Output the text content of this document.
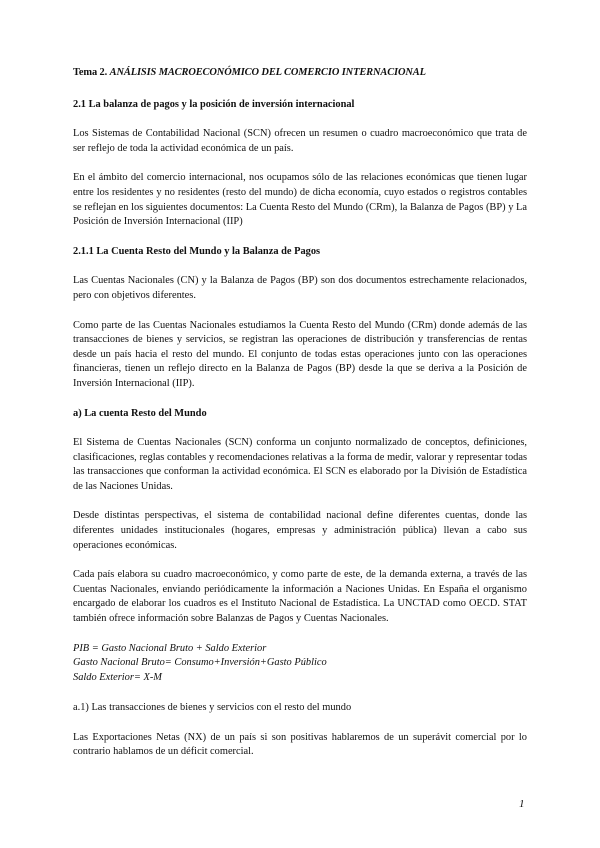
Tema 2. ANÁLISIS MACROECONÓMICO DEL COMERCIO INTERNACIONAL
2.1 La balanza de pagos y la posición de inversión internacional

Los Sistemas de Contabilidad Nacional (SCN) ofrecen un resumen o cuadro macroeconómico que trata de ser reflejo de toda la actividad económica de un país.

En el ámbito del comercio internacional, nos ocupamos sólo de las relaciones económicas que tienen lugar entre los residentes y no residentes (resto del mundo) de dicha economía, cuyo estados o registros contables se reflejan en los siguientes documentos: La Cuenta Resto del Mundo (CRm), la Balanza de Pagos (BP) y La Posición de Inversión Internacional (IIP)

2.1.1 La Cuenta Resto del Mundo y la Balanza de Pagos

Las Cuentas Nacionales (CN) y la Balanza de Pagos (BP) son dos documentos estrechamente relacionados, pero con objetivos diferentes.

Como parte de las Cuentas Nacionales estudiamos la Cuenta Resto del Mundo (CRm) donde además de las transacciones de bienes y servicios, se registran las operaciones de distribución y transferencias de rentas desde un país hacia el resto del mundo. El conjunto de todas estas operaciones junto con las operaciones financieras, tienen un reflejo directo en la Balanza de Pagos (BP) desde la que se deriva a la Posición de Inversión Internacional (IIP).

a) La cuenta Resto del Mundo

El Sistema de Cuentas Nacionales (SCN) conforma un conjunto normalizado de conceptos, definiciones, clasificaciones, reglas contables y recomendaciones relativas a la forma de medir, valorar y representar todas las transacciones que conforman la actividad económica. El SCN es elaborado por la División de Estadística de las Naciones Unidas.

Desde distintas perspectivas, el sistema de contabilidad nacional define diferentes cuentas, donde las diferentes unidades institucionales (hogares, empresas y administración pública) llevan a cabo sus operaciones económicas.

Cada país elabora su cuadro macroeconómico, y como parte de este, de la demanda externa, a través de las Cuentas Nacionales, enviando periódicamente la información a Naciones Unidas. En España el organismo encargado de elaborar los cuadros es el Instituto Nacional de Estadística. La UNCTAD como OECD. STAT también ofrece información sobre Balanzas de Pagos y Cuentas Nacionales.

PIB = Gasto Nacional Bruto + Saldo Exterior
Gasto Nacional Bruto= Consumo+Inversión+Gasto Público
Saldo Exterior= X-M
a.1) Las transacciones de bienes y servicios con el resto del mundo

Las Exportaciones Netas (NX) de un país si son positivas hablaremos de un superávit comercial por lo contrario hablamos de un déficit comercial.

1
